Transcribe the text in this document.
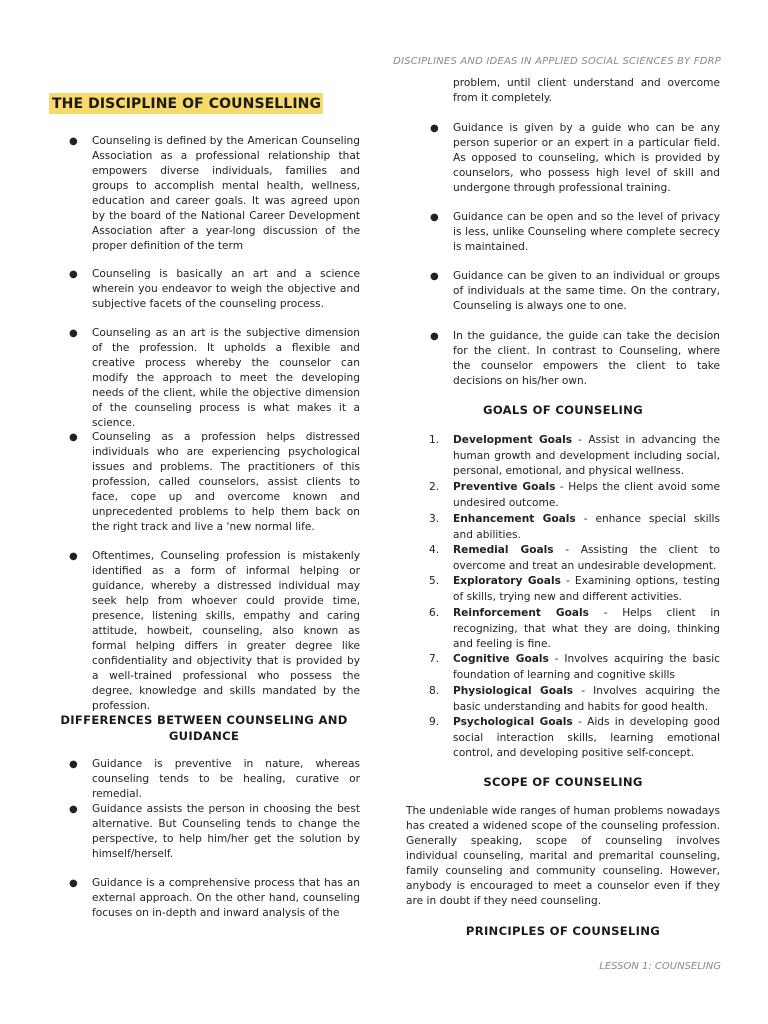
DISCIPLINES AND IDEAS IN APPLIED SOCIAL SCIENCES BY FDRP
THE DISCIPLINE OF COUNSELLING
● Counseling is defined by the American Counseling Association as a professional relationship that empowers diverse individuals, families and groups to accomplish mental health, wellness, education and career goals. It was agreed upon by the board of the National Career Development Association after a year-long discussion of the proper definition of the term
● Counseling is basically an art and a science wherein you endeavor to weigh the objective and subjective facets of the counseling process.
● Counseling as an art is the subjective dimension of the profession. It upholds a flexible and creative process whereby the counselor can modify the approach to meet the developing needs of the client, while the objective dimension of the counseling process is what makes it a science.
● Counseling as a profession helps distressed individuals who are experiencing psychological issues and problems. The practitioners of this profession, called counselors, assist clients to face, cope up and overcome known and unprecedented problems to help them back on the right track and live a 'new normal life.
● Oftentimes, Counseling profession is mistakenly identified as a form of informal helping or guidance, whereby a distressed individual may seek help from whoever could provide time, presence, listening skills, empathy and caring attitude, howbeit, counseling, also known as formal helping differs in greater degree like confidentiality and objectivity that is provided by a well-trained professional who possess the degree, knowledge and skills mandated by the profession.
DIFFERENCES BETWEEN COUNSELING AND GUIDANCE
● Guidance is preventive in nature, whereas counseling tends to be healing, curative or remedial.
● Guidance assists the person in choosing the best alternative. But Counseling tends to change the perspective, to help him/her get the solution by himself/herself.
● Guidance is a comprehensive process that has an external approach. On the other hand, counseling focuses on in-depth and inward analysis of the
problem, until client understand and overcome from it completely.
● Guidance is given by a guide who can be any person superior or an expert in a particular field. As opposed to counseling, which is provided by counselors, who possess high level of skill and undergone through professional training.
● Guidance can be open and so the level of privacy is less, unlike Counseling where complete secrecy is maintained.
● Guidance can be given to an individual or groups of individuals at the same time. On the contrary, Counseling is always one to one.
● In the guidance, the guide can take the decision for the client. In contrast to Counseling, where the counselor empowers the client to take decisions on his/her own.
GOALS OF COUNSELING
1.	Development Goals - Assist in advancing the human growth and development including social, personal, emotional, and physical wellness.
2.	Preventive Goals - Helps the client avoid some undesired outcome.
3.	Enhancement Goals - enhance special skills and abilities.
4.	Remedial Goals - Assisting the client to overcome and treat an undesirable development.
5.	Exploratory Goals - Examining options, testing of skills, trying new and different activities.
6.	Reinforcement Goals - Helps client in recognizing, that what they are doing, thinking and feeling is fine.
7.	Cognitive Goals - Involves acquiring the basic foundation of learning and cognitive skills
8.	Physiological Goals - Involves acquiring the basic understanding and habits for good health.
9.	Psychological Goals - Aids in developing good social interaction skills, learning emotional control, and developing positive self-concept.
SCOPE OF COUNSELING
The undeniable wide ranges of human problems nowadays has created a widened scope of the counseling profession. Generally speaking, scope of counseling involves individual counseling, marital and premarital counseling, family counseling and community counseling. However, anybody is encouraged to meet a counselor even if they are in doubt if they need counseling.
PRINCIPLES OF COUNSELING
LESSON 1: COUNSELING
